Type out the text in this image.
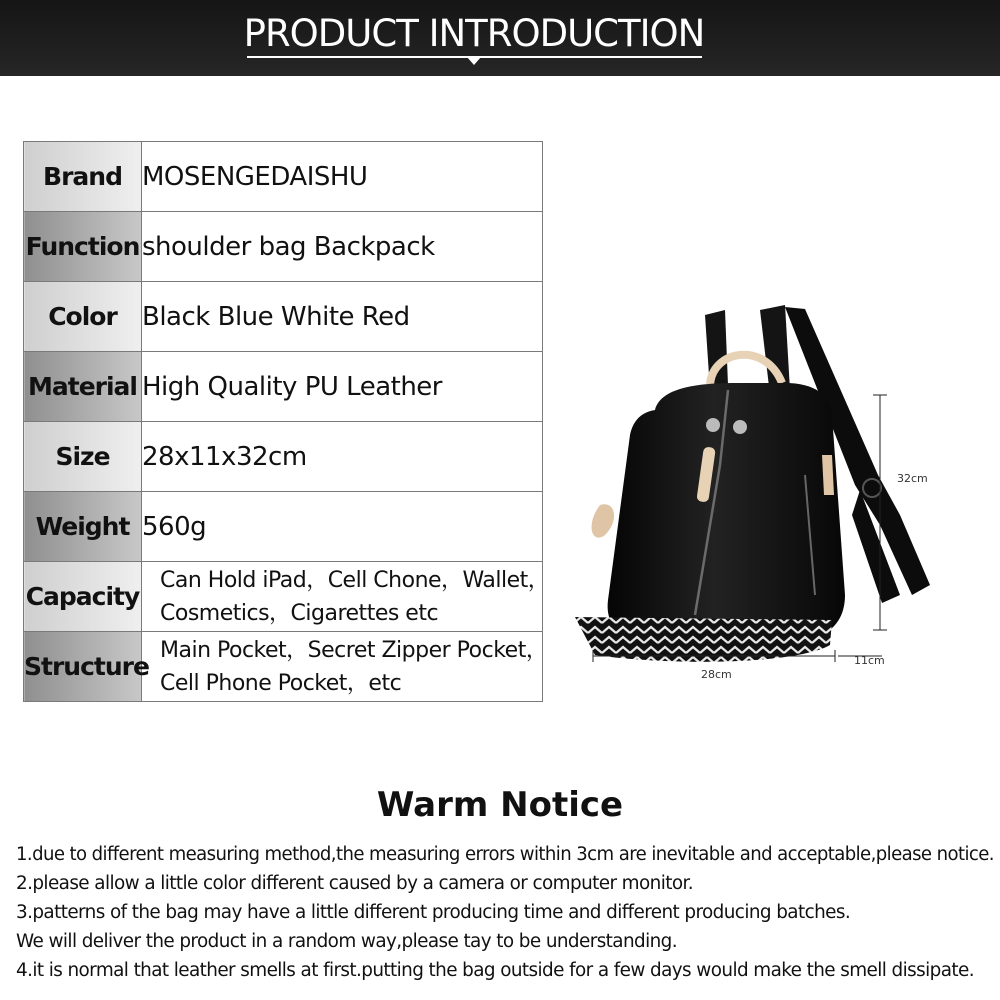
PRODUCT INTRODUCTION
Brand	MOSENGEDAISHU
Function	shoulder bag Backpack
Color	Black Blue White Red
Material	High Quality PU Leather
Size	28x11x32cm
Weight	560g
Capacity	Can Hold iPad，Cell Chone，Wallet，
Cosmetics，Cigarettes etc

Structure	Main Pocket，Secret Zipper Pocket，
Cell Phone Pocket，etc
32cm
11cm
28cm
Warm Notice
1.due to different measuring method,the measuring errors within 3cm are inevitable and acceptable,please notice.
2.please allow a little color different caused by a camera or computer monitor.
3.patterns of the bag may have a little different producing time and different producing batches.
We will deliver the product in a random way,please tay to be understanding.
4.it is normal that leather smells at first.putting the bag outside for a few days would make the smell dissipate.
